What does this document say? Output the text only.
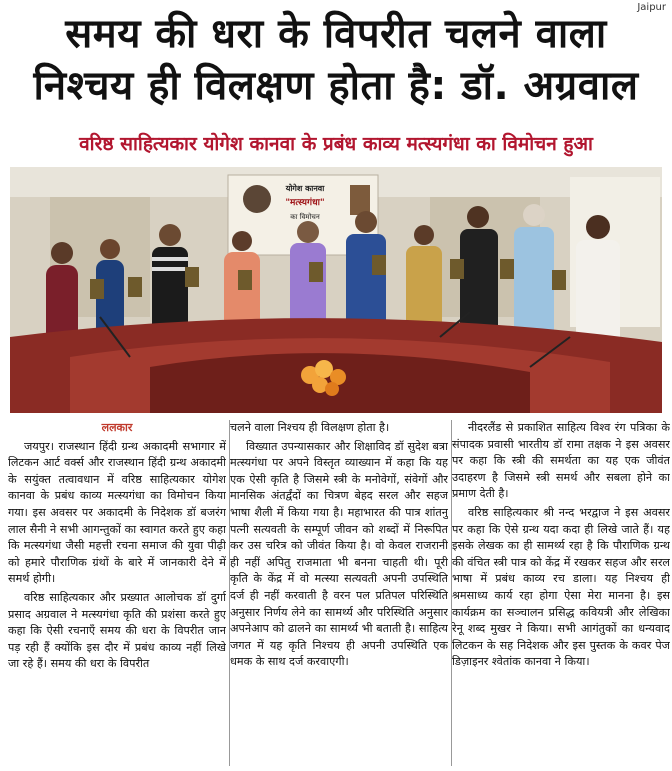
Jaipur
समय की धरा के विपरीत चलने वाला
निश्चय ही विलक्षण होता है: डॉ. अग्रवाल
वरिष्ठ साहित्यकार योगेश कानवा के प्रबंध काव्य मत्स्यगंधा का विमोचन हुआ
योगेश कानवा
"मत्स्यगंधा"
का विमोचन
ललकार

जयपुर। राजस्थान हिंदी ग्रन्थ अकादमी सभागार में लिटकन आर्ट वर्क्स और राजस्थान हिंदी ग्रन्थ अकादमी के सयुंक्त तत्वावधान में वरिष्ठ साहित्यकार योगेश कानवा के प्रबंध काव्य मत्स्यगंधा का विमोचन किया गया। इस अवसर पर अकादमी के निदेशक डॉ बजरंग लाल सैनी ने सभी आगन्तुकों का स्वागत करते हुए कहा कि मत्स्यगंधा जैसी महत्ती रचना समाज की युवा पीढ़ी को हमारे पौराणिक ग्रंथों के बारे में जानकारी देने में समर्थ होगी।

वरिष्ठ साहित्यकार और प्रख्यात आलोचक डॉ दुर्गा प्रसाद अग्रवाल ने मत्स्यगंधा कृति की प्रशंसा करते हुए कहा कि ऐसी रचनाएँ समय की धरा के विपरीत जान पड़ रही हैं क्योंकि इस दौर में प्रबंध काव्य नहीं लिखे जा रहे हैं। समय की धरा के विपरीत

चलने वाला निश्चय ही विलक्षण होता है।

विख्यात उपन्यासकार और शिक्षाविद डॉ सुदेश बत्रा मत्स्यगंधा पर अपने विस्तृत व्याख्यान में कहा कि यह एक ऐसी कृति है जिसमे स्त्री के मनोवेगों, संवेगों और मानसिक अंतर्द्वंदों का चित्रण बेहद सरल और सहज भाषा शैली में किया गया है। महाभारत की पात्र शांतनु पत्नी सत्यवती के सम्पूर्ण जीवन को शब्दों में निरूपित कर उस चरित्र को जीवंत किया है। वो केवल राजरानी ही नहीं अपितु राजमाता भी बनना चाहती थी। पूरी कृति के केंद्र में वो मत्स्या सत्यवती अपनी उपस्थिति दर्ज ही नहीं करवाती है वरन पल प्रतिपल परिस्थिति अनुसार निर्णय लेने का सामर्थ्य और परिस्थिति अनुसार अपनेआप को ढालने का सामर्थ्य भी बताती है। साहित्य जगत में यह कृति निश्चय ही अपनी उपस्थिति एक धमक के साथ दर्ज करवाएगी।

नीदरलैंड से प्रकाशित साहित्य विश्व रंग पत्रिका के संपादक प्रवासी भारतीय डॉ रामा तक्षक ने इस अवसर पर कहा कि स्त्री की समर्थता का यह एक जीवंत उदाहरण है जिसमे स्त्री समर्थ और सबला होने का प्रमाण देती है।

वरिष्ठ साहित्यकार श्री नन्द भरद्वाज ने इस अवसर पर कहा कि ऐसे ग्रन्थ यदा कदा ही लिखे जाते हैं। यह इसके लेखक का ही सामर्थ्य रहा है कि पौराणिक ग्रन्थ की वंचित स्त्री पात्र को केंद्र में रखकर सहज और सरल भाषा में प्रबंध काव्य रच डाला। यह निश्चय ही श्रमसाध्य कार्य रहा होगा ऐसा मेरा मानना है। इस कार्यक्रम का सञ्चालन प्रसिद्ध कवियत्री और लेखिका रेनू शब्द मुखर ने किया। सभी आगंतुकों का धन्यवाद लिटकन के सह निदेशक और इस पुस्तक के कवर पेज डिज़ाइनर श्वेतांक कानवा ने किया।
